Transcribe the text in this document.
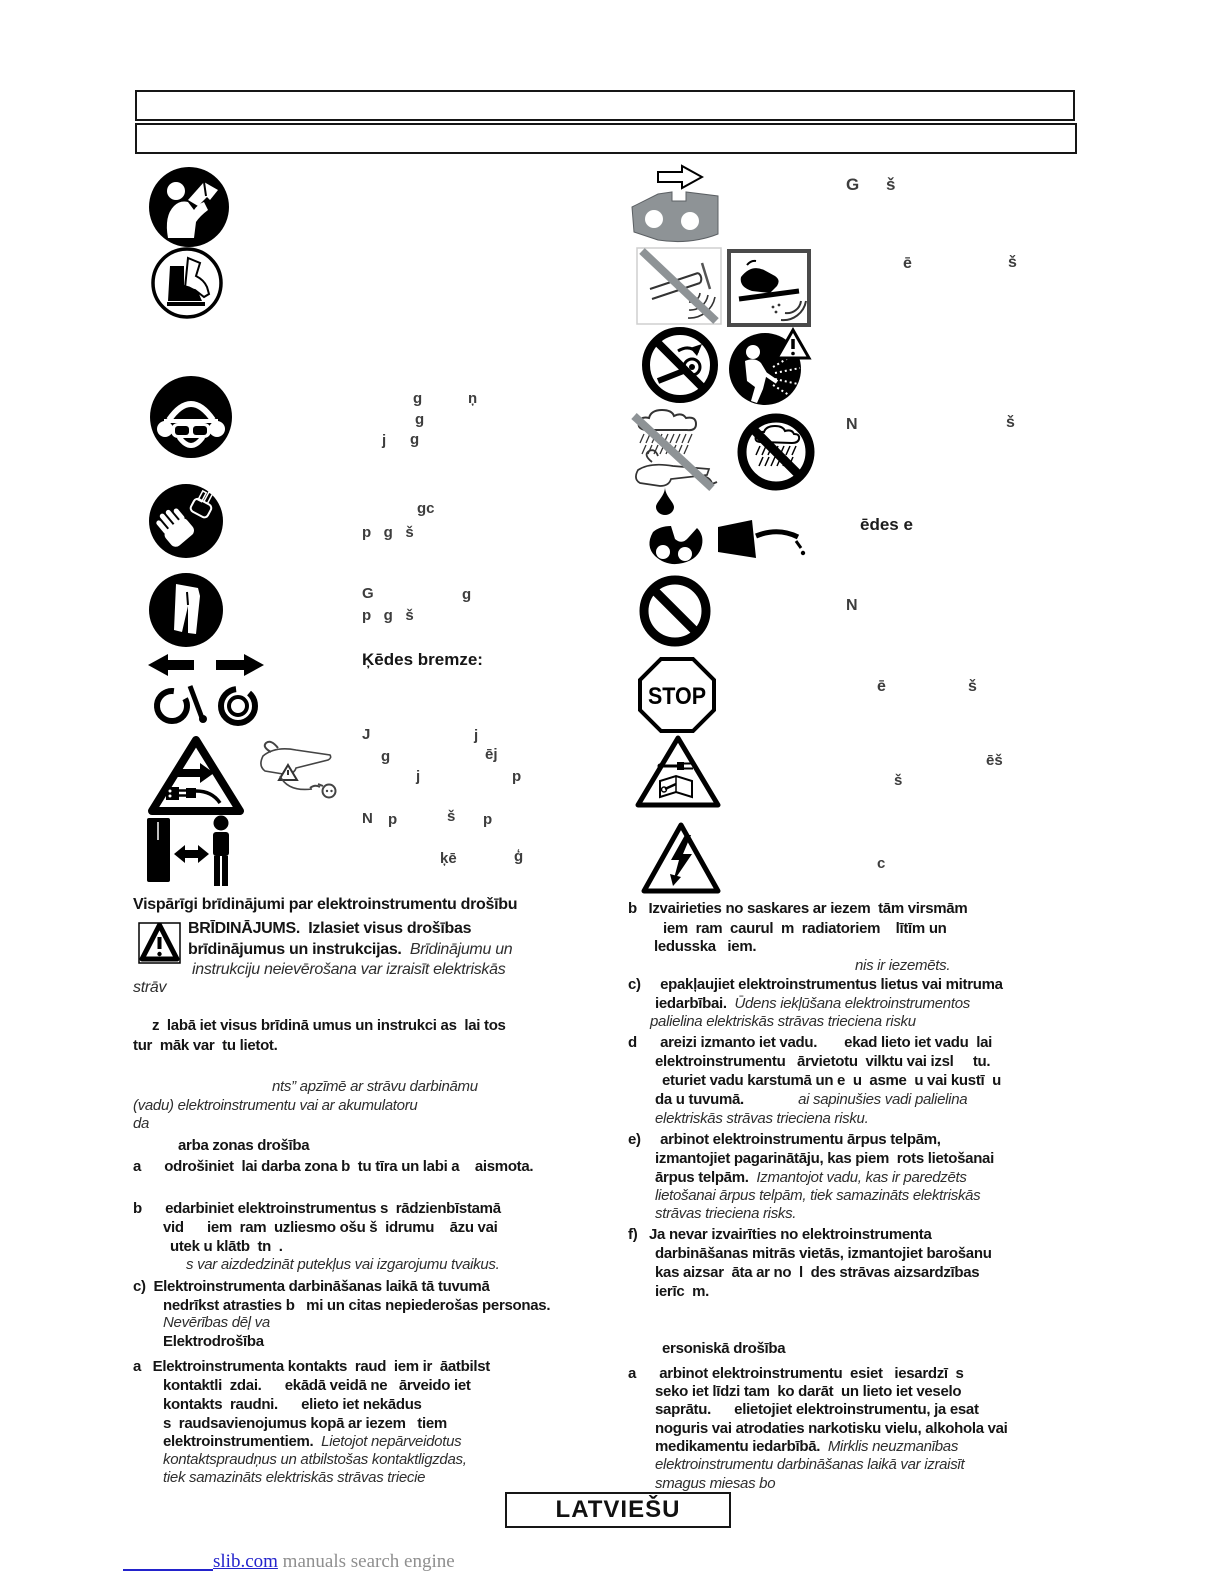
STOP
g	ņ
g
j g
gc
p   g   š
G	g
p   g   š
Ķēdes bremze:
J	j
g	ēj
j	p
N p	š p
ķē	ģ
G š
ē	š
N	š
ēdes e
N
ē	š
ēš
š
c
Vispārīgi brīdinājumi par elektroinstrumentu drošību
BRĪDINĀJUMS.  Izlasiet visus drošības
brīdinājumus un instrukcijas.  Brīdinājumu un
instrukciju neievērošana var izraisīt elektriskās
strāv
z  labā iet visus brīdinā umus un instrukci as  lai tos
tur  māk var  tu lietot.
nts” apzīmē ar strāvu darbināmu
(vadu) elektroinstrumentu vai ar akumulatoru
da
arba zonas drošība
a      odrošiniet  lai darba zona b  tu tīra un labi a    aismota.
b      edarbiniet elektroinstrumentus s  rādzienbīstamā
vid      iem  ram  uzliesmo ošu š  idrumu    āzu vai
utek u klātb  tn  .
s var aizdedzināt putekļus vai izgarojumu tvaikus.
c)  Elektroinstrumenta darbināšanas laikā tā tuvumā
nedrīkst atrasties b   mi un citas nepiederošas personas.
Nevērības dēļ va
Elektrodrošība
a   Elektroinstrumenta kontakts  raud  iem ir  āatbilst
kontaktli  zdai.      ekādā veidā ne   ārveido iet
kontakts  raudni.      elieto iet nekādus
s  raudsavienojumus kopā ar iezem   tiem
elektroinstrumentiem.  Lietojot nepārveidotus
kontaktspraudņus un atbilstošas kontaktligzdas,
tiek samazināts elektriskās strāvas triecie
b   Izvairieties no saskares ar iezem  tām virsmām
iem  ram  caurul  m  radiatoriem    lītīm un
ledusska   iem.
nis ir iezemēts.
c)     epakļaujiet elektroinstrumentus lietus vai mitruma
iedarbībai.  Ūdens iekļūšana elektroinstrumentos
palielina elektriskās strāvas trieciena risku
d      areizi izmanto iet vadu.       ekad lieto iet vadu  lai
elektroinstrumentu   ārvietotu  vilktu vai izsl     tu.
eturiet vadu karstumā un e  u  asme  u vai kustī  u
da u tuvumā.              ai sapinušies vadi palielina
elektriskās strāvas trieciena risku.
e)     arbinot elektroinstrumentu ārpus telpām,
izmantojiet pagarinātāju, kas piem  rots lietošanai
ārpus telpām.  Izmantojot vadu, kas ir paredzēts
lietošanai ārpus telpām, tiek samazināts elektriskās
strāvas trieciena risks.
f)   Ja nevar izvairīties no elektroinstrumenta
darbināšanas mitrās vietās, izmantojiet barošanu
kas aizsar  āta ar no  l  des strāvas aizsardzības
ierīc  m.
ersoniskā drošība
a      arbinot elektroinstrumentu  esiet   iesardzī  s
seko iet līdzi tam  ko darāt  un lieto iet veselo
saprātu.      elietojiet elektroinstrumentu, ja esat
noguris vai atrodaties narkotisku vielu, alkohola vai
medikamentu iedarbībā.  Mirklis neuzmanības
elektroinstrumentu darbināšanas laikā var izraisīt
smagus miesas bo
LATVIEŠU
slib.com manuals search engine
